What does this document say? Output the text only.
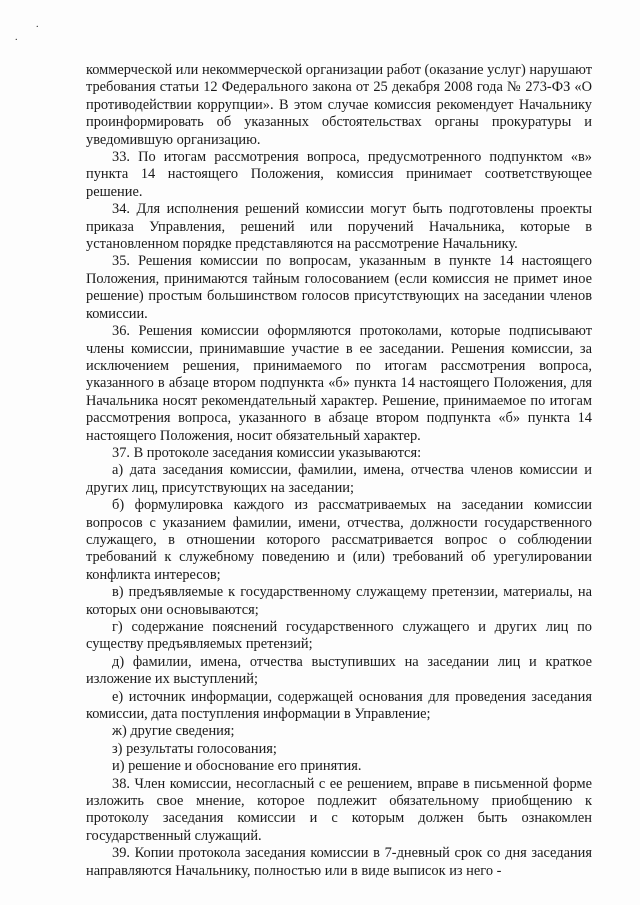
.
.

коммерческой или некоммерческой организации работ (оказание услуг) нарушают требования статьи 12 Федерального закона от 25 декабря 2008 года № 273-ФЗ «О противодействии коррупции». В этом случае комиссия рекомендует Начальнику проинформировать об указанных обстоятельствах органы прокуратуры и уведомившую организацию.

33. По итогам рассмотрения вопроса, предусмотренного подпунктом «в» пункта 14 настоящего Положения, комиссия принимает соответствующее решение.

34. Для исполнения решений комиссии могут быть подготовлены проекты приказа Управления, решений или поручений Начальника, которые в установленном порядке представляются на рассмотрение Начальнику.

35. Решения комиссии по вопросам, указанным в пункте 14 настоящего Положения, принимаются тайным голосованием (если комиссия не примет иное решение) простым большинством голосов присутствующих на заседании членов комиссии.

36. Решения комиссии оформляются протоколами, которые подписывают члены комиссии, принимавшие участие в ее заседании. Решения комиссии, за исключением решения, принимаемого по итогам рассмотрения вопроса, указанного в абзаце втором подпункта «б» пункта 14 настоящего Положения, для Начальника носят рекомендательный характер. Решение, принимаемое по итогам рассмотрения вопроса, указанного в абзаце втором подпункта «б» пункта 14 настоящего Положения, носит обязательный характер.

37. В протоколе заседания комиссии указываются:

а) дата заседания комиссии, фамилии, имена, отчества членов комиссии и других лиц, присутствующих на заседании;

б) формулировка каждого из рассматриваемых на заседании комиссии вопросов с указанием фамилии, имени, отчества, должности государственного служащего, в отношении которого рассматривается вопрос о соблюдении требований к служебному поведению и (или) требований об урегулировании конфликта интересов;

в) предъявляемые к государственному служащему претензии, материалы, на которых они основываются;

г) содержание пояснений государственного служащего и других лиц по существу предъявляемых претензий;

д) фамилии, имена, отчества выступивших на заседании лиц и краткое изложение их выступлений;

е) источник информации, содержащей основания для проведения заседания комиссии, дата поступления информации в Управление;

ж) другие сведения;

з) результаты голосования;

и) решение и обоснование его принятия.

38. Член комиссии, несогласный с ее решением, вправе в письменной форме изложить свое мнение, которое подлежит обязательному приобщению к протоколу заседания комиссии и с которым должен быть ознакомлен государственный служащий.

39. Копии протокола заседания комиссии в 7-дневный срок со дня заседания направляются Начальнику, полностью или в виде выписок из него -
